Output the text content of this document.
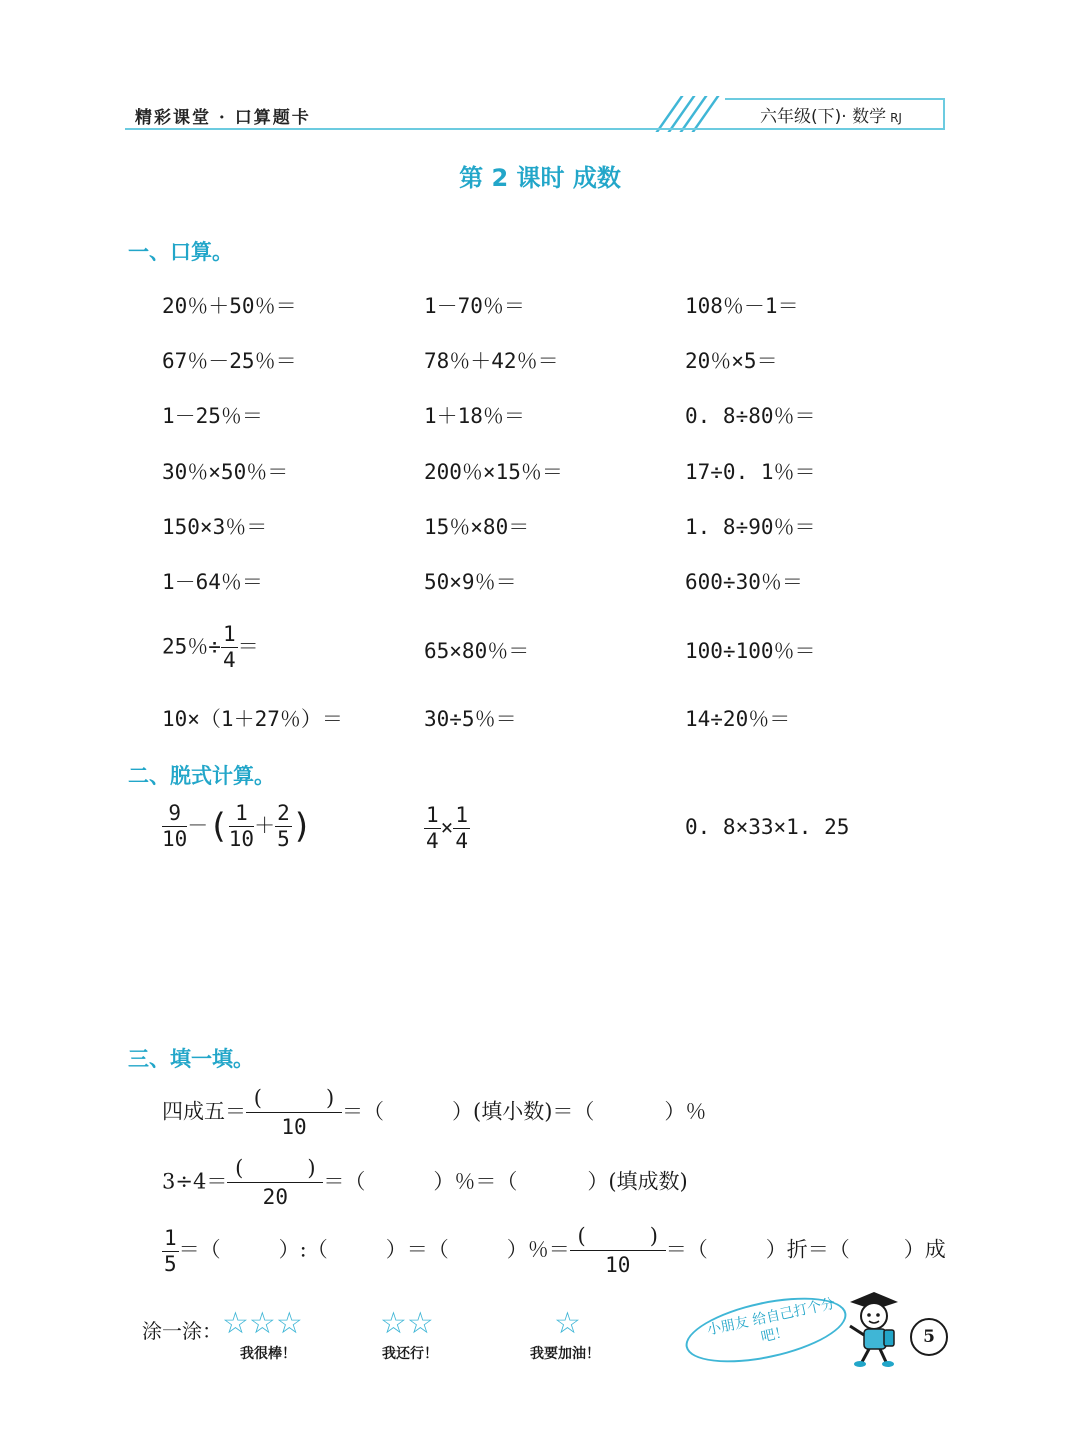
精彩课堂 · 口算题卡	六年级(下)· 数学 RJ
第 2 课时 成数
一、口算。
20％＋50％＝	1－70％＝	108％－1＝
67％－25％＝	78％＋42％＝	20％×5＝
1－25％＝	1＋18％＝	0. 8÷80％＝
30％×50％＝	200％×15％＝	17÷0. 1％＝
150×3％＝	15％×80＝	1. 8÷90％＝
1－64％＝	50×9％＝	600÷30％＝
25％÷ $\frac{1}{4}$ ＝	65×80％＝	100÷100％＝
10×（1＋27％）＝	30÷5％＝	14÷20％＝
二、脱式计算。
$\frac{9}{10}$ －( $\frac{1}{10} + \frac{2}{5}$ )	$\frac{1}{4} \times \frac{1}{4}$	0. 8×33×1. 25
三、填一填。
四成五＝
(	)
10
＝（	）(填小数)＝（	）％
3÷4＝
(	)
20
＝（	）％＝（	）(填成数)
$\frac{1}{5}$ ＝（	）:（	）＝（	）％＝
(	)
10
＝（	）折＝（	）成
涂一涂： ☆☆☆
我很棒！
☆☆
我还行！
☆
我要加油！
小朋友 给自己打个分吧！	5
